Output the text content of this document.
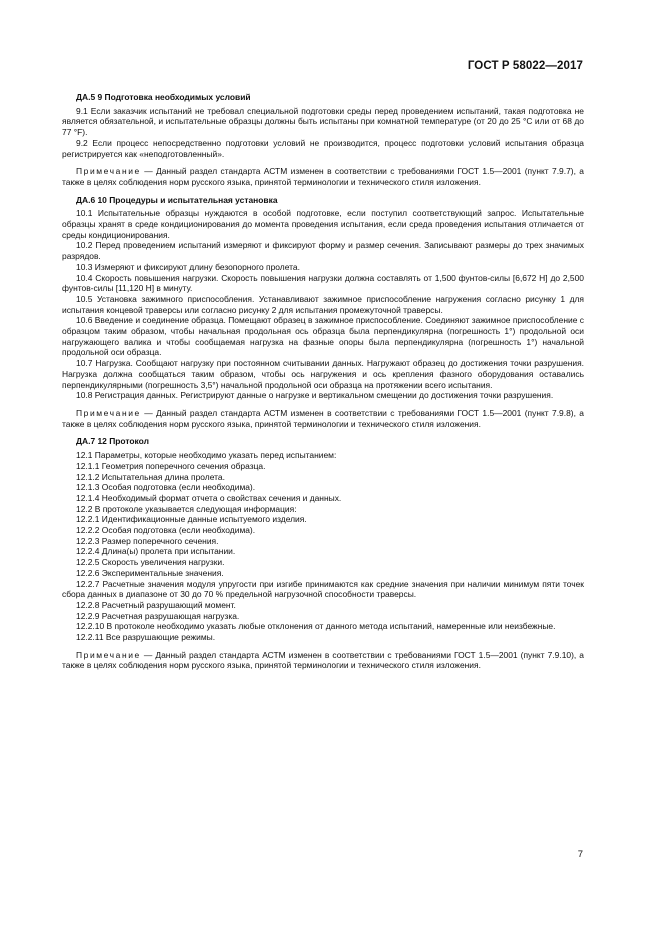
ГОСТ Р 58022—2017
ДА.5 9 Подготовка необходимых условий

9.1 Если заказчик испытаний не требовал специальной подготовки среды перед проведением испытаний, такая подготовка не является обязательной, и испытательные образцы должны быть испытаны при комнатной температуре (от 20 до 25 °С или от 68 до 77 °F).

9.2 Если процесс непосредственно подготовки условий не производится, процесс подготовки условий испытания образца регистрируется как «неподготовленный».

Примечание — Данный раздел стандарта АСТМ изменен в соответствии с требованиями ГОСТ 1.5—2001 (пункт 7.9.7), а также в целях соблюдения норм русского языка, принятой терминологии и технического стиля изложения.

ДА.6 10 Процедуры и испытательная установка

10.1 Испытательные образцы нуждаются в особой подготовке, если поступил соответствующий запрос. Испытательные образцы хранят в среде кондиционирования до момента проведения испытания, если среда проведения испытания отличается от среды кондиционирования.

10.2 Перед проведением испытаний измеряют и фиксируют форму и размер сечения. Записывают размеры до трех значимых разрядов.

10.3 Измеряют и фиксируют длину безопорного пролета.

10.4 Скорость повышения нагрузки. Скорость повышения нагрузки должна составлять от 1,500 фунтов-силы [6,672 Н] до 2,500 фунтов-силы [11,120 Н] в минуту.

10.5 Установка зажимного приспособления. Устанавливают зажимное приспособление нагружения согласно рисунку 1 для испытания концевой траверсы или согласно рисунку 2 для испытания промежуточной траверсы.

10.6 Введение и соединение образца. Помещают образец в зажимное приспособление. Соединяют зажимное приспособление с образцом таким образом, чтобы начальная продольная ось образца была перпендикулярна (погрешность 1°) продольной оси нагружающего валика и чтобы сообщаемая нагрузка на фазные опоры была перпендикулярна (погрешность 1°) начальной продольной оси образца.

10.7 Нагрузка. Сообщают нагрузку при постоянном считывании данных. Нагружают образец до достижения точки разрушения. Нагрузка должна сообщаться таким образом, чтобы ось нагружения и ось крепления фазного оборудования оставались перпендикулярными (погрешность 3,5°) начальной продольной оси образца на протяжении всего испытания.

10.8 Регистрация данных. Регистрируют данные о нагрузке и вертикальном смещении до достижения точки разрушения.

Примечание — Данный раздел стандарта АСТМ изменен в соответствии с требованиями ГОСТ 1.5—2001 (пункт 7.9.8), а также в целях соблюдения норм русского языка, принятой терминологии и технического стиля изложения.

ДА.7 12 Протокол

12.1 Параметры, которые необходимо указать перед испытанием:

12.1.1 Геометрия поперечного сечения образца.

12.1.2 Испытательная длина пролета.

12.1.3 Особая подготовка (если необходима).

12.1.4 Необходимый формат отчета о свойствах сечения и данных.

12.2 В протоколе указывается следующая информация:

12.2.1 Идентификационные данные испытуемого изделия.

12.2.2 Особая подготовка (если необходима).

12.2.3 Размер поперечного сечения.

12.2.4 Длина(ы) пролета при испытании.

12.2.5 Скорость увеличения нагрузки.

12.2.6 Экспериментальные значения.

12.2.7 Расчетные значения модуля упругости при изгибе принимаются как средние значения при наличии минимум пяти точек сбора данных в диапазоне от 30 до 70 % предельной нагрузочной способности траверсы.

12.2.8 Расчетный разрушающий момент.

12.2.9 Расчетная разрушающая нагрузка.

12.2.10 В протоколе необходимо указать любые отклонения от данного метода испытаний, намеренные или неизбежные.

12.2.11 Все разрушающие режимы.

Примечание — Данный раздел стандарта АСТМ изменен в соответствии с требованиями ГОСТ 1.5—2001 (пункт 7.9.10), а также в целях соблюдения норм русского языка, принятой терминологии и технического стиля изложения.

7
